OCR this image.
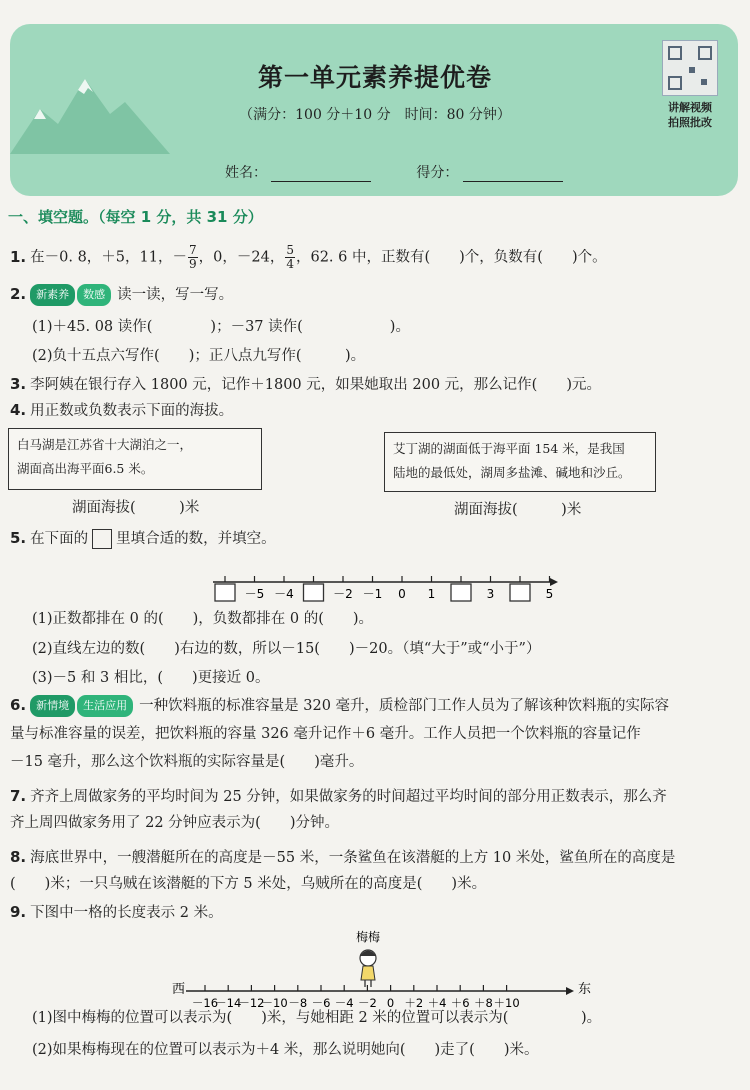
第一单元素养提优卷
（满分：100 分＋10 分　时间：80 分钟）	讲解视频
拍照批改
姓名：	得分：
一、填空题。（每空 1 分，共 31 分）
1. 在－0. 8，＋5，11，－ $\frac{7}{9}$ ，0，－24， $\frac{5}{4}$ ，62. 6 中，正数有(　　)个，负数有(　　)个。
2. 新素养 数感 读一读，写一写。
(1)＋45. 08 读作(　　　　)；－37 读作(　　　　　　)。
(2)负十五点六写作(　　)；正八点九写作(　　　)。
3. 李阿姨在银行存入 1800 元，记作＋1800 元，如果她取出 200 元，那么记作(　　)元。
4. 用正数或负数表示下面的海拔。
白马湖是江苏省十大湖泊之一，
湖面高出海平面6.5 米。
艾丁湖的湖面低于海平面 154 米，是我国
陆地的最低处，湖周多盐滩、碱地和沙丘。
湖面海拔(　　　)米	湖面海拔(　　　)米
5. 在下面的 里填合适的数，并填空。
－5 －4	－2 －1 0 1	3	5
(1)正数都排在 0 的(　　)，负数都排在 0 的(　　)。
(2)直线左边的数(　　)右边的数，所以－15(　　)－20。（填“大于”或“小于”）
(3)－5 和 3 相比，(　　)更接近 0。
6. 新情境 生活应用 一种饮料瓶的标准容量是 320 毫升，质检部门工作人员为了解该种饮料瓶的实际容
量与标准容量的误差，把饮料瓶的容量 326 毫升记作＋6 毫升。工作人员把一个饮料瓶的容量记作
－15 毫升，那么这个饮料瓶的实际容量是(　　)毫升。
7. 齐齐上周做家务的平均时间为 25 分钟，如果做家务的时间超过平均时间的部分用正数表示，那么齐
齐上周四做家务用了 22 分钟应表示为(　　)分钟。
8. 海底世界中，一艘潜艇所在的高度是－55 米，一条鲨鱼在该潜艇的上方 10 米处，鲨鱼所在的高度是
(　　)米；一只乌贼在该潜艇的下方 5 米处，乌贼所在的高度是(　　)米。
9. 下图中一格的长度表示 2 米。
梅梅
西	东
－16
－14
－12
－10 －8 －6 －4 －2 0 ＋2 ＋4 ＋6 ＋8 ＋10
(1)图中梅梅的位置可以表示为(　　)米，与她相距 2 米的位置可以表示为(　　　　　)。
(2)如果梅梅现在的位置可以表示为＋4 米，那么说明她向(　　)走了(　　)米。
